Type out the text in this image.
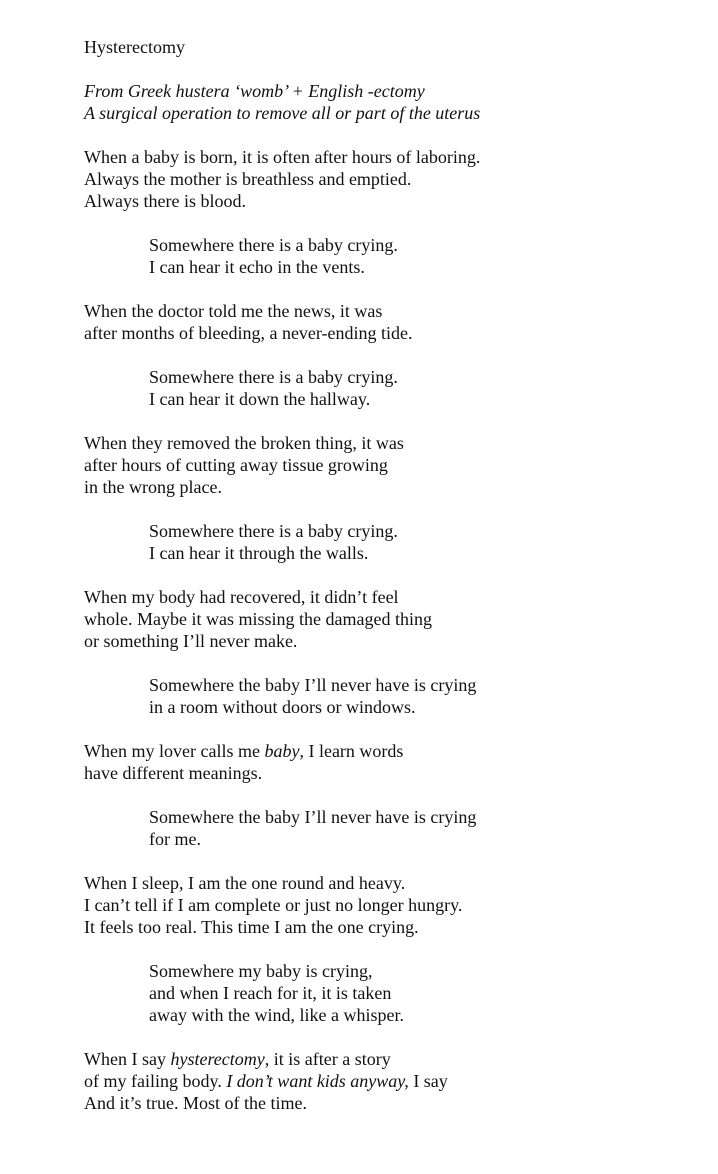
Hysterectomy
From Greek hustera ‘womb’ + English -ectomy
A surgical operation to remove all or part of the uterus
When a baby is born, it is often after hours of laboring.
Always the mother is breathless and emptied.
Always there is blood.
Somewhere there is a baby crying.
I can hear it echo in the vents.
When the doctor told me the news, it was
after months of bleeding, a never-ending tide.
Somewhere there is a baby crying.
I can hear it down the hallway.
When they removed the broken thing, it was
after hours of cutting away tissue growing
in the wrong place.
Somewhere there is a baby crying.
I can hear it through the walls.
When my body had recovered, it didn’t feel
whole. Maybe it was missing the damaged thing
or something I’ll never make.
Somewhere the baby I’ll never have is crying
in a room without doors or windows.
When my lover calls me baby, I learn words
have different meanings.
Somewhere the baby I’ll never have is crying
for me.
When I sleep, I am the one round and heavy.
I can’t tell if I am complete or just no longer hungry.
It feels too real. This time I am the one crying.
Somewhere my baby is crying,
and when I reach for it, it is taken
away with the wind, like a whisper.
When I say hysterectomy, it is after a story
of my failing body. I don’t want kids anyway, I say
And it’s true. Most of the time.
